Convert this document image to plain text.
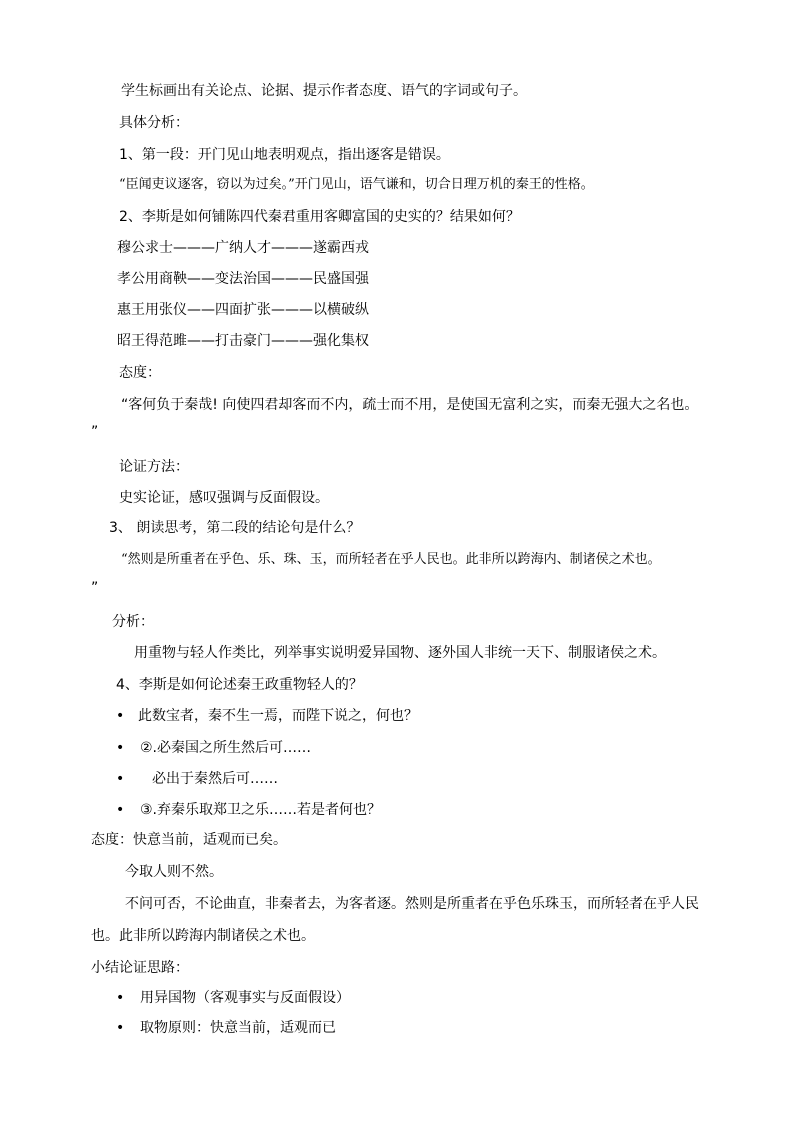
学生标画出有关论点、论据、提示作者态度、语气的字词或句子。
具体分析：
1、第一段：开门见山地表明观点，指出逐客是错误。
“臣闻吏议逐客，窃以为过矣。”开门见山，语气谦和，切合日理万机的秦王的性格。
2、李斯是如何铺陈四代秦君重用客卿富国的史实的？结果如何？
穆公求士———广纳人才———遂霸西戎
孝公用商鞅——变法治国———民盛国强
惠王用张仪——四面扩张———以横破纵
昭王得范雎——打击豪门———强化集权
态度：
“客何负于秦哉! 向使四君却客而不内，疏士而不用，是使国无富利之实，而秦无强大之名也。
”
论证方法：
史实论证，感叹强调与反面假设。
3、 朗读思考，第二段的结论句是什么？
“然则是所重者在乎色、乐、珠、玉，而所轻者在乎人民也。此非所以跨海内、制诸侯之术也。
”
分析：
用重物与轻人作类比，列举事实说明爱异国物、逐外国人非统一天下、制服诸侯之术。
4、李斯是如何论述秦王政重物轻人的？
• 此数宝者，秦不生一焉，而陛下说之，何也？
• ②.必秦国之所生然后可……
• 必出于秦然后可……
• ③.弃秦乐取郑卫之乐……若是者何也？
态度：快意当前，适观而已矣。
今取人则不然。
不问可否，不论曲直，非秦者去，为客者逐。然则是所重者在乎色乐珠玉，而所轻者在乎人民
也。此非所以跨海内制诸侯之术也。
小结论证思路：
• 用异国物（客观事实与反面假设）
• 取物原则：快意当前，适观而已
